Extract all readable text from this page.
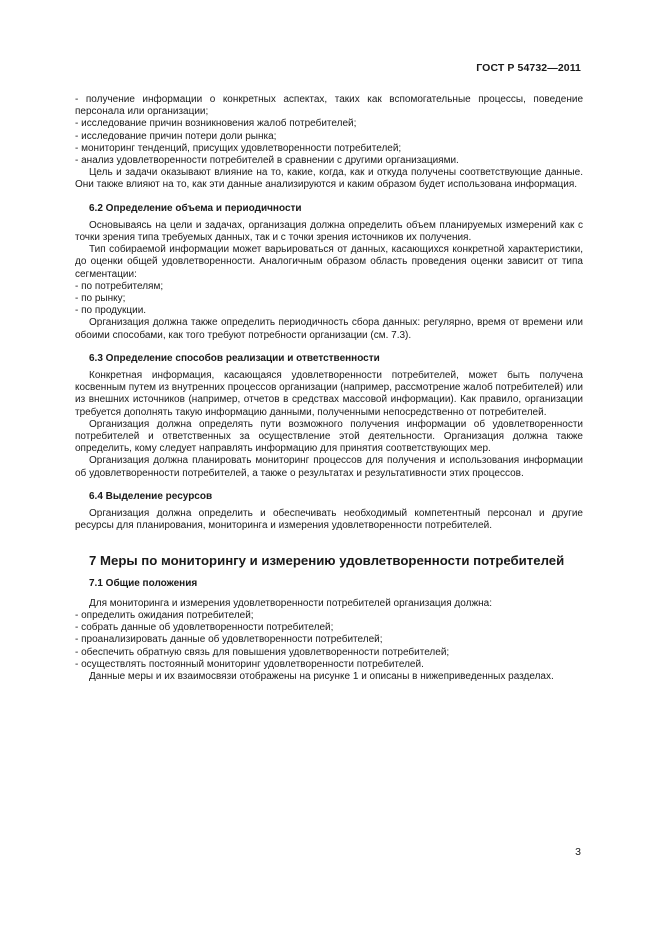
ГОСТ Р 54732—2011

- получение информации о конкретных аспектах, таких как вспомогательные процессы, поведение персонала или организации;

- исследование причин возникновения жалоб потребителей;

- исследование причин потери доли рынка;

- мониторинг тенденций, присущих удовлетворенности потребителей;

- анализ удовлетворенности потребителей в сравнении с другими организациями.

Цель и задачи оказывают влияние на то, какие, когда, как и откуда получены соответствующие данные. Они также влияют на то, как эти данные анализируются и каким образом будет использована информация.

6.2 Определение объема и периодичности

Основываясь на цели и задачах, организация должна определить объем планируемых измерений как с точки зрения типа требуемых данных, так и с точки зрения источников их получения.

Тип собираемой информации может варьироваться от данных, касающихся конкретной характеристики, до оценки общей удовлетворенности. Аналогичным образом область проведения оценки зависит от типа сегментации:

- по потребителям;

- по рынку;

- по продукции.

Организация должна также определить периодичность сбора данных: регулярно, время от времени или обоими способами, как того требуют потребности организации (см. 7.3).

6.3 Определение способов реализации и ответственности

Конкретная информация, касающаяся удовлетворенности потребителей, может быть получена косвенным путем из внутренних процессов организации (например, рассмотрение жалоб потребителей) или из внешних источников (например, отчетов в средствах массовой информации). Как правило, организации требуется дополнять такую информацию данными, полученными непосредственно от потребителей.

Организация должна определять пути возможного получения информации об удовлетворенности потребителей и ответственных за осуществление этой деятельности. Организация должна также определить, кому следует направлять информацию для принятия соответствующих мер.

Организация должна планировать мониторинг процессов для получения и использования информации об удовлетворенности потребителей, а также о результатах и результативности этих процессов.

6.4 Выделение ресурсов

Организация должна определить и обеспечивать необходимый компетентный персонал и другие ресурсы для планирования, мониторинга и измерения удовлетворенности потребителей.

7 Меры по мониторингу и измерению удовлетворенности потребителей

7.1 Общие положения

Для мониторинга и измерения удовлетворенности потребителей организация должна:

- определить ожидания потребителей;

- собрать данные об удовлетворенности потребителей;

- проанализировать данные об удовлетворенности потребителей;

- обеспечить обратную связь для повышения удовлетворенности потребителей;

- осуществлять постоянный мониторинг удовлетворенности потребителей.

Данные меры и их взаимосвязи отображены на рисунке 1 и описаны в нижеприведенных разделах.

3
